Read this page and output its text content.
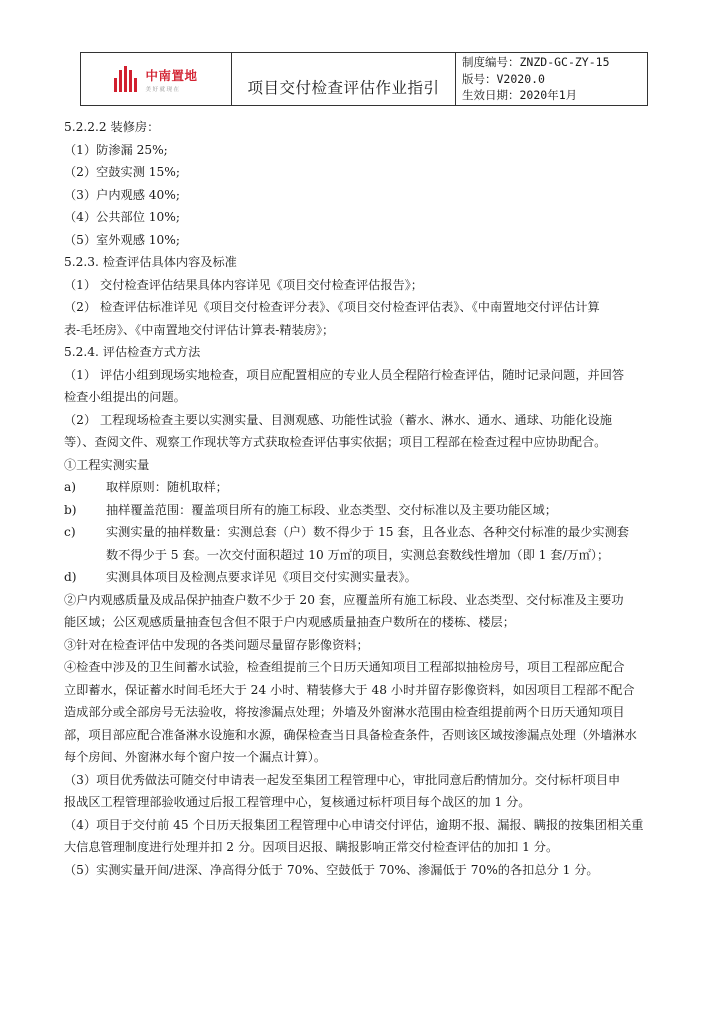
中南置地
美好就现在	项目交付检查评估作业指引
制度编号：ZNZD-GC-ZY-15
版号：V2020.0
生效日期：2020年1月

5.2.2.2 装修房：

（1）防渗漏 25%;

（2）空鼓实测 15%;

（3）户内观感 40%;

（4）公共部位 10%;

（5）室外观感 10%;

5.2.3. 检查评估具体内容及标准

（1） 交付检查评估结果具体内容详见《项目交付检查评估报告》；

（2） 检查评估标准详见《项目交付检查评分表》、《项目交付检查评估表》、《中南置地交付评估计算

表-毛坯房》、《中南置地交付评估计算表-精装房》；

5.2.4. 评估检查方式方法

（1） 评估小组到现场实地检查，项目应配置相应的专业人员全程陪行检查评估，随时记录问题，并回答

检查小组提出的问题。

（2） 工程现场检查主要以实测实量、目测观感、功能性试验（蓄水、淋水、通水、通球、功能化设施

等）、查阅文件、观察工作现状等方式获取检查评估事实依据；项目工程部在检查过程中应协助配合。

①工程实测实量

a)	取样原则：随机取样；
b)	抽样覆盖范围：覆盖项目所有的施工标段、业态类型、交付标准以及主要功能区域；
c)	实测实量的抽样数量：实测总套（户）数不得少于 15 套，且各业态、各种交付标准的最少实测套
数不得少于 5 套。一次交付面积超过 10 万㎡的项目，实测总套数线性增加（即 1 套/万㎡）；
d)	实测具体项目及检测点要求详见《项目交付实测实量表》。

②户内观感质量及成品保护抽查户数不少于 20 套，应覆盖所有施工标段、业态类型、交付标准及主要功

能区域；公区观感质量抽查包含但不限于户内观感质量抽查户数所在的楼栋、楼层；

③针对在检查评估中发现的各类问题尽量留存影像资料；

④检查中涉及的卫生间蓄水试验，检查组提前三个日历天通知项目工程部拟抽检房号，项目工程部应配合

立即蓄水，保证蓄水时间毛坯大于 24 小时、精装修大于 48 小时并留存影像资料，如因项目工程部不配合

造成部分或全部房号无法验收，将按渗漏点处理；外墙及外窗淋水范围由检查组提前两个日历天通知项目

部，项目部应配合准备淋水设施和水源，确保检查当日具备检查条件，否则该区域按渗漏点处理（外墙淋水

每个房间、外窗淋水每个窗户按一个漏点计算）。

（3）项目优秀做法可随交付申请表一起发至集团工程管理中心，审批同意后酌情加分。交付标杆项目申

报战区工程管理部验收通过后报工程管理中心，复核通过标杆项目每个战区的加 1 分。

（4）项目于交付前 45 个日历天报集团工程管理中心申请交付评估，逾期不报、漏报、瞒报的按集团相关重

大信息管理制度进行处理并扣 2 分。因项目迟报、瞒报影响正常交付检查评估的加扣 1 分。

（5）实测实量开间/进深、净高得分低于 70%、空鼓低于 70%、渗漏低于 70%的各扣总分 1 分。
